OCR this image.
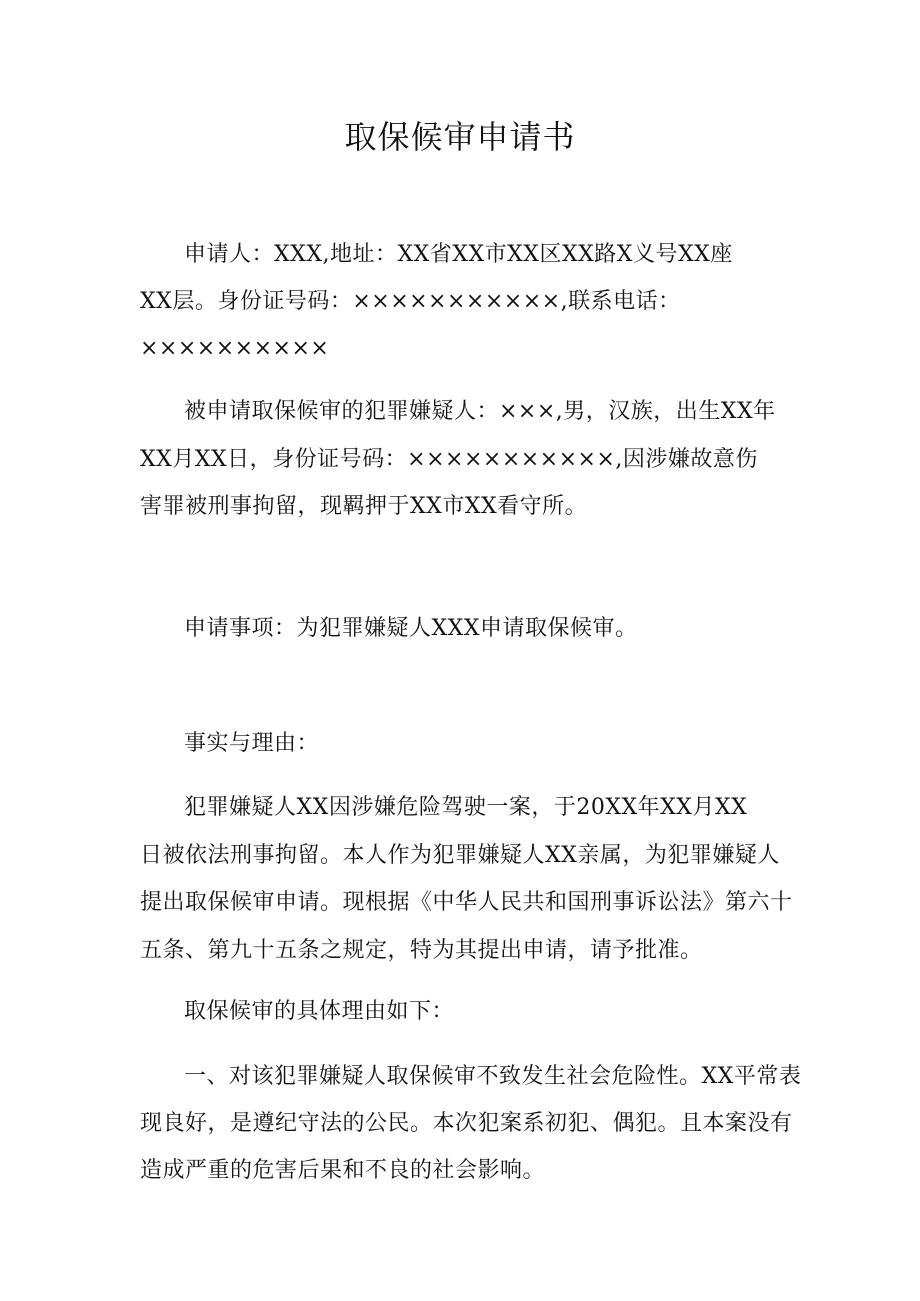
取保候审申请书
申请人：XXX,地址：XX省XX市XX区XX路X义号XX座
XX层。身份证号码：×××××××××××,联系电话：
××××××××××
被申请取保候审的犯罪嫌疑人：×××,男，汉族，出生XX年
XX月XX日，身份证号码：×××××××××××,因涉嫌故意伤
害罪被刑事拘留，现羁押于XX市XX看守所。
申请事项：为犯罪嫌疑人XXX申请取保候审。
事实与理由：
犯罪嫌疑人XX因涉嫌危险驾驶一案，于20XX年XX月XX
日被依法刑事拘留。本人作为犯罪嫌疑人XX亲属，为犯罪嫌疑人
提出取保候审申请。现根据《中华人民共和国刑事诉讼法》第六十
五条、第九十五条之规定，特为其提出申请，请予批准。
取保候审的具体理由如下：
一、对该犯罪嫌疑人取保候审不致发生社会危险性。XX平常表
现良好，是遵纪守法的公民。本次犯案系初犯、偶犯。且本案没有
造成严重的危害后果和不良的社会影响。
